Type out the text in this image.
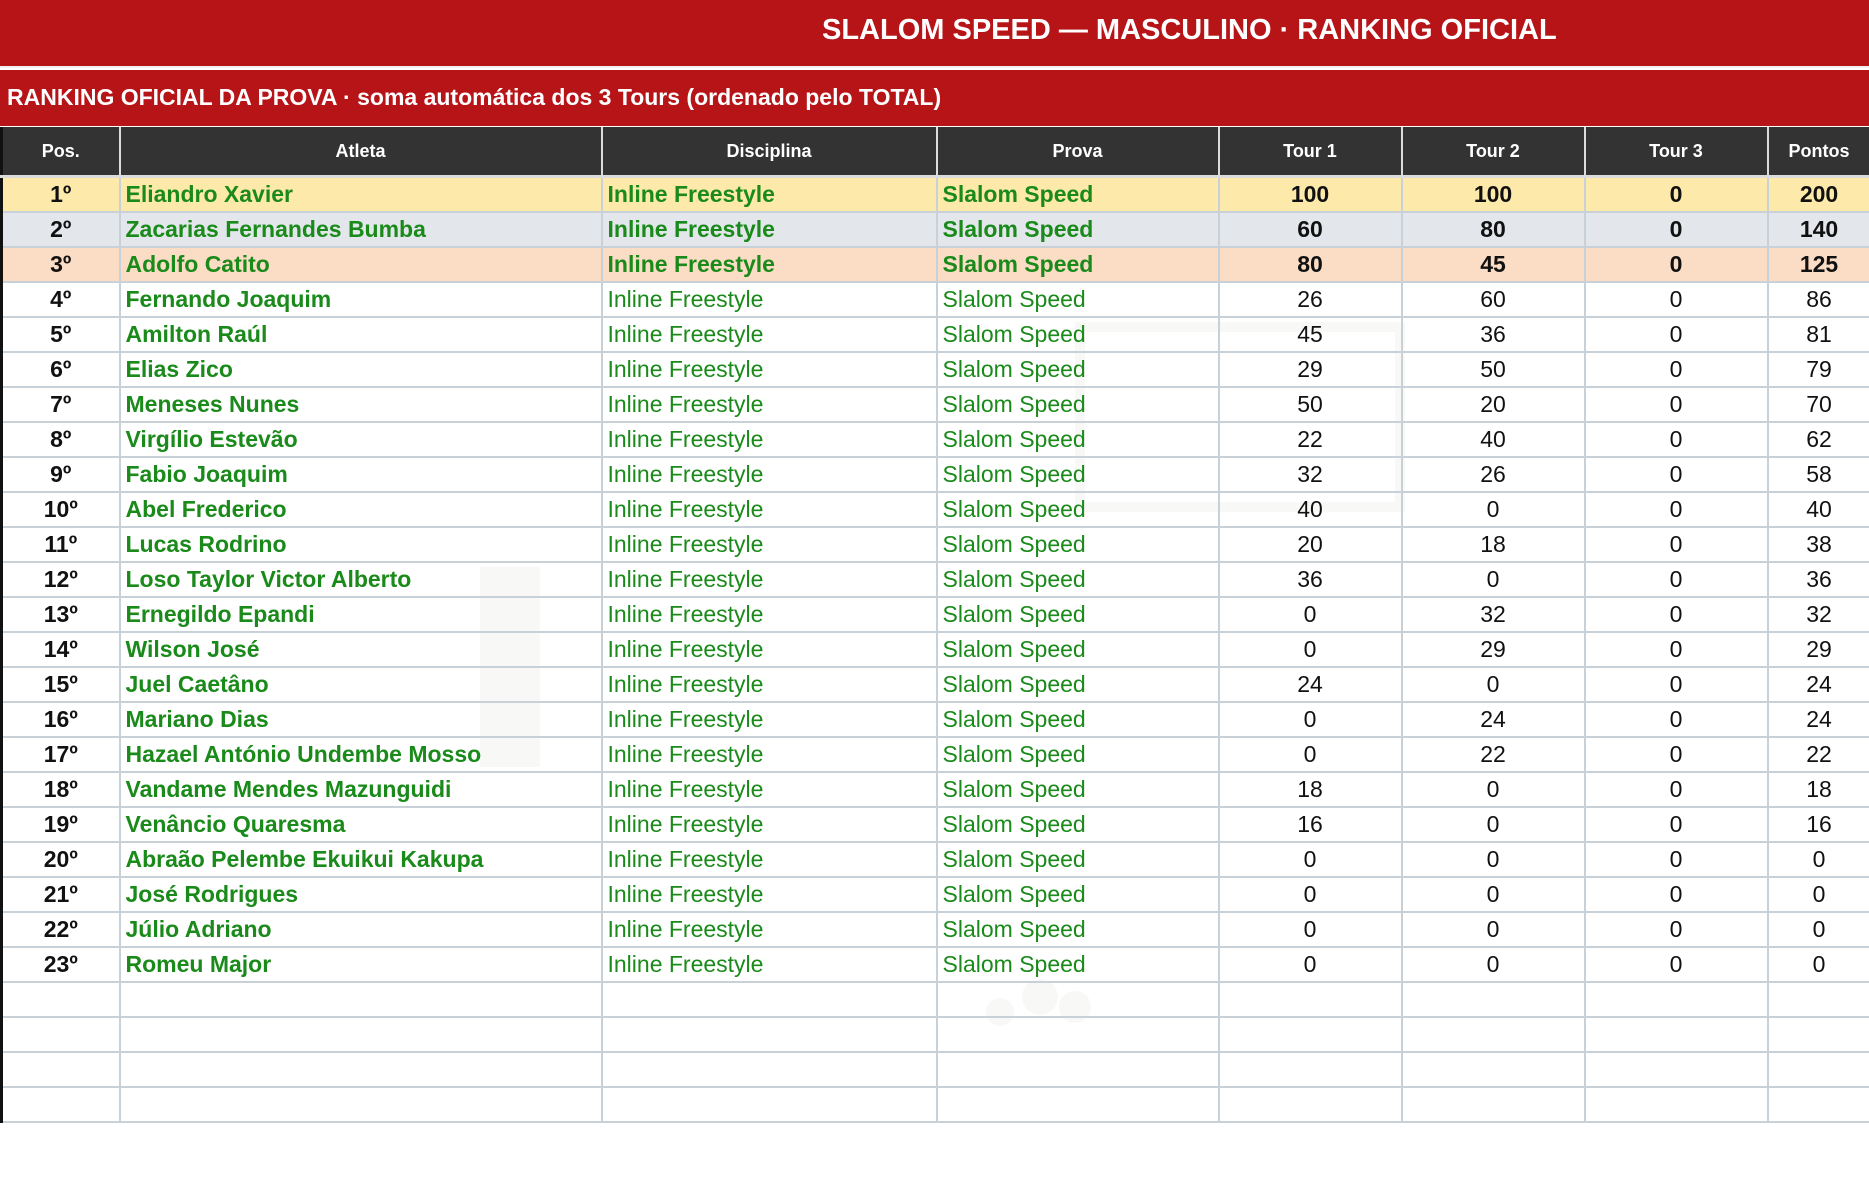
SLALOM SPEED — MASCULINO · RANKING OFICIAL
RANKING OFICIAL DA PROVA · soma automática dos 3 Tours (ordenado pelo TOTAL)
Pos.	Atleta	Disciplina	Prova	Tour 1	Tour 2	Tour 3	Pontos
1º	Eliandro Xavier	Inline Freestyle	Slalom Speed	100	100	0	200
2º	Zacarias Fernandes Bumba	Inline Freestyle	Slalom Speed	60	80	0	140
3º	Adolfo Catito	Inline Freestyle	Slalom Speed	80	45	0	125
4º	Fernando Joaquim	Inline Freestyle	Slalom Speed	26	60	0	86
5º	Amilton Raúl	Inline Freestyle	Slalom Speed	45	36	0	81
6º	Elias Zico	Inline Freestyle	Slalom Speed	29	50	0	79
7º	Meneses Nunes	Inline Freestyle	Slalom Speed	50	20	0	70
8º	Virgílio Estevão	Inline Freestyle	Slalom Speed	22	40	0	62
9º	Fabio Joaquim	Inline Freestyle	Slalom Speed	32	26	0	58
10º	Abel Frederico	Inline Freestyle	Slalom Speed	40	0	0	40
11º	Lucas Rodrino	Inline Freestyle	Slalom Speed	20	18	0	38
12º	Loso Taylor Victor Alberto	Inline Freestyle	Slalom Speed	36	0	0	36
13º	Ernegildo Epandi	Inline Freestyle	Slalom Speed	0	32	0	32
14º	Wilson José	Inline Freestyle	Slalom Speed	0	29	0	29
15º	Juel Caetâno	Inline Freestyle	Slalom Speed	24	0	0	24
16º	Mariano Dias	Inline Freestyle	Slalom Speed	0	24	0	24
17º	Hazael António Undembe Mosso	Inline Freestyle	Slalom Speed	0	22	0	22
18º	Vandame Mendes Mazunguidi	Inline Freestyle	Slalom Speed	18	0	0	18
19º	Venâncio Quaresma	Inline Freestyle	Slalom Speed	16	0	0	16
20º	Abraão Pelembe Ekuikui Kakupa	Inline Freestyle	Slalom Speed	0	0	0	0
21º	José Rodrigues	Inline Freestyle	Slalom Speed	0	0	0	0
22º	Júlio Adriano	Inline Freestyle	Slalom Speed	0	0	0	0
23º	Romeu Major	Inline Freestyle	Slalom Speed	0	0	0	0
